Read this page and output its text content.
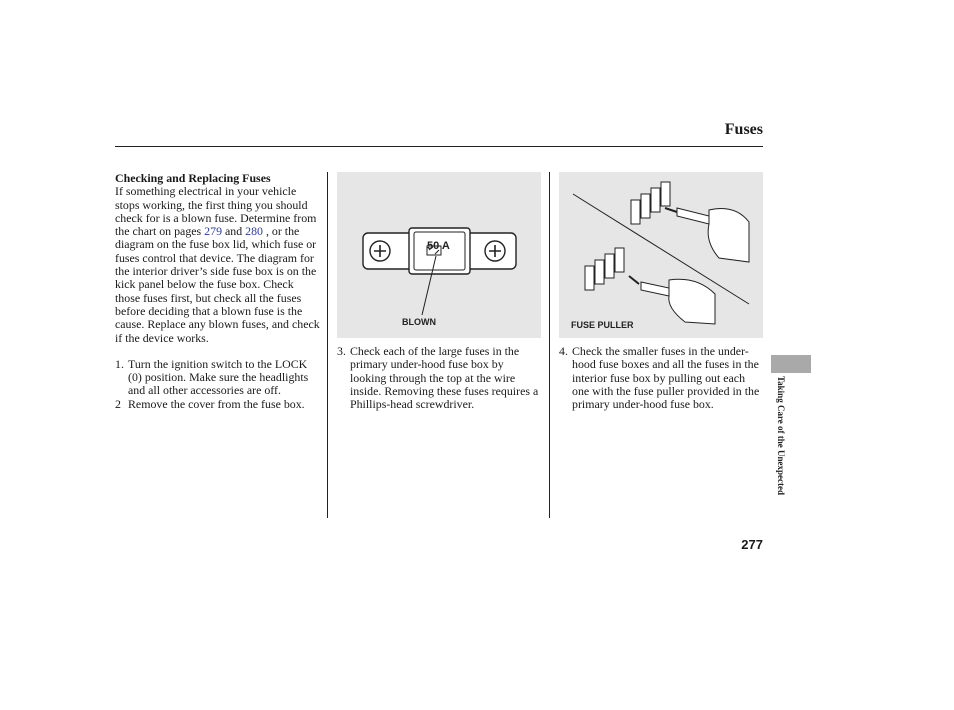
Fuses

Checking and Replacing Fuses

If something electrical in your vehicle stops working, the first thing you should check for is a blown fuse. Determine from the chart on pages 279 and 280 , or the diagram on the fuse box lid, which fuse or fuses control that device. The diagram for the interior driver’s side fuse box is on the kick panel below the fuse box. Check those fuses first, but check all the fuses before deciding that a blown fuse is the cause. Replace any blown fuses, and check if the device works.

1. Turn the ignition switch to the LOCK (0) position. Make sure the headlights and all other accessories are off.

2 Remove the cover from the fuse box.

50 A
BLOWN	FUSE PULLER

3. Check each of the large fuses in the primary under-hood fuse box by looking through the top at the wire inside. Removing these fuses requires a Phillips-head screwdriver.

4. Check the smaller fuses in the under-hood fuse boxes and all the fuses in the interior fuse box by pulling out each one with the fuse puller provided in the primary under-hood fuse box.	Taking Care of the Unexpected
277
